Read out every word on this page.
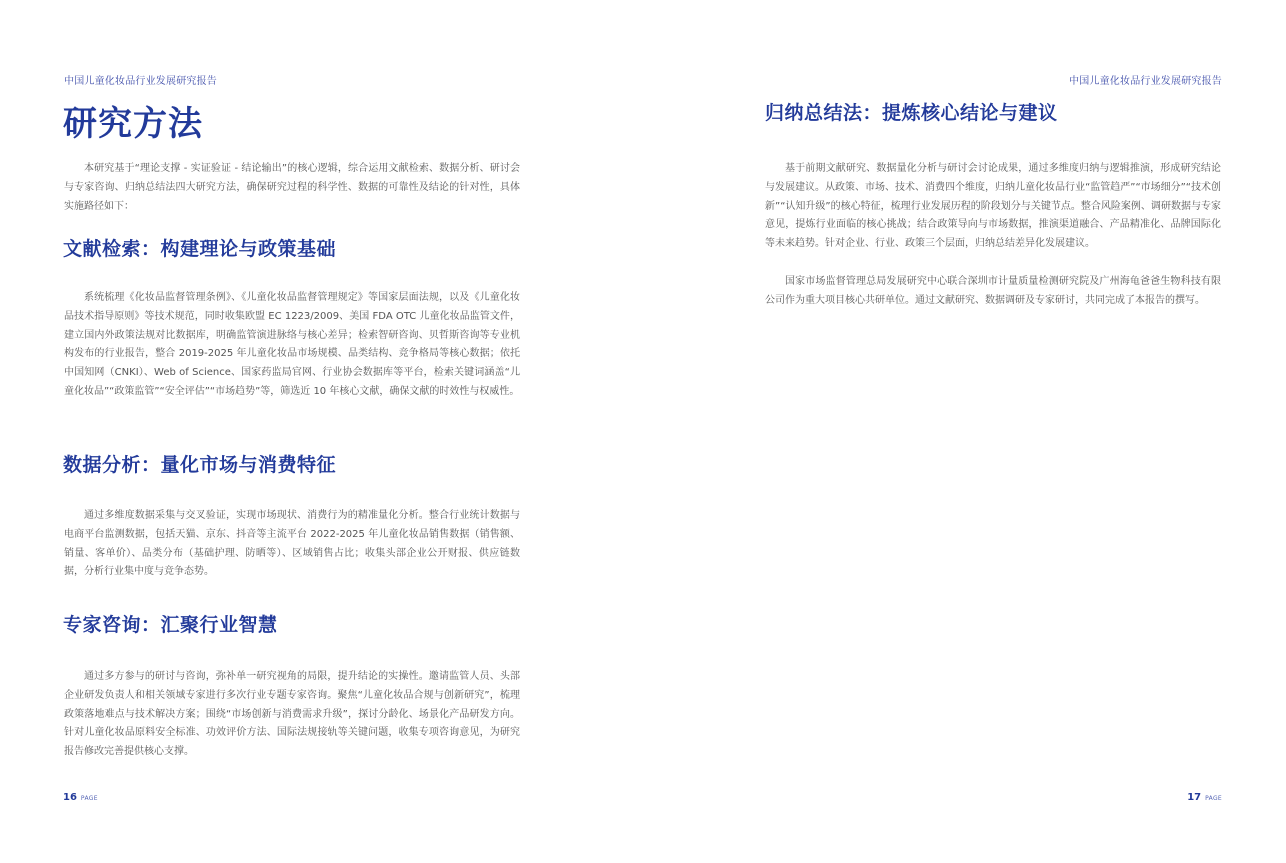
中国儿童化妆品行业发展研究报告
研究方法

本研究基于“理论支撑 - 实证验证 - 结论输出”的核心逻辑，综合运用文献检索、数据分析、研讨会与专家咨询、归纳总结法四大研究方法，确保研究过程的科学性、数据的可靠性及结论的针对性，具体实施路径如下：

文献检索：构建理论与政策基础

系统梳理《化妆品监督管理条例》、《儿童化妆品监督管理规定》等国家层面法规，以及《儿童化妆品技术指导原则》等技术规范，同时收集欧盟 EC 1223/2009、美国 FDA OTC 儿童化妆品监管文件，建立国内外政策法规对比数据库，明确监管演进脉络与核心差异；检索智研咨询、贝哲斯咨询等专业机构发布的行业报告，整合 2019-2025 年儿童化妆品市场规模、品类结构、竞争格局等核心数据；依托中国知网（CNKI）、Web of Science、国家药监局官网、行业协会数据库等平台，检索关键词涵盖“儿童化妆品”“政策监管”“安全评估”“市场趋势”等，筛选近 10 年核心文献，确保文献的时效性与权威性。

数据分析：量化市场与消费特征

通过多维度数据采集与交叉验证，实现市场现状、消费行为的精准量化分析。整合行业统计数据与电商平台监测数据，包括天猫、京东、抖音等主流平台 2022-2025 年儿童化妆品销售数据（销售额、销量、客单价）、品类分布（基础护理、防晒等）、区域销售占比；收集头部企业公开财报、供应链数据，分析行业集中度与竞争态势。

专家咨询：汇聚行业智慧

通过多方参与的研讨与咨询，弥补单一研究视角的局限，提升结论的实操性。邀请监管人员、头部企业研发负责人和相关领域专家进行多次行业专题专家咨询。聚焦“儿童化妆品合规与创新研究”，梳理政策落地难点与技术解决方案；围绕“市场创新与消费需求升级”，探讨分龄化、场景化产品研发方向。针对儿童化妆品原料安全标准、功效评价方法、国际法规接轨等关键问题，收集专项咨询意见，为研究报告修改完善提供核心支撑。

16 PAGE
中国儿童化妆品行业发展研究报告
归纳总结法：提炼核心结论与建议

基于前期文献研究、数据量化分析与研讨会讨论成果，通过多维度归纳与逻辑推演，形成研究结论与发展建议。从政策、市场、技术、消费四个维度，归纳儿童化妆品行业“监管趋严”“市场细分”“技术创新”“认知升级”的核心特征，梳理行业发展历程的阶段划分与关键节点。整合风险案例、调研数据与专家意见，提炼行业面临的核心挑战；结合政策导向与市场数据，推演渠道融合、产品精准化、品牌国际化等未来趋势。针对企业、行业、政策三个层面，归纳总结差异化发展建议。

国家市场监督管理总局发展研究中心联合深圳市计量质量检测研究院及广州海龟爸爸生物科技有限公司作为重大项目核心共研单位。通过文献研究、数据调研及专家研讨，共同完成了本报告的撰写。

17 PAGE
